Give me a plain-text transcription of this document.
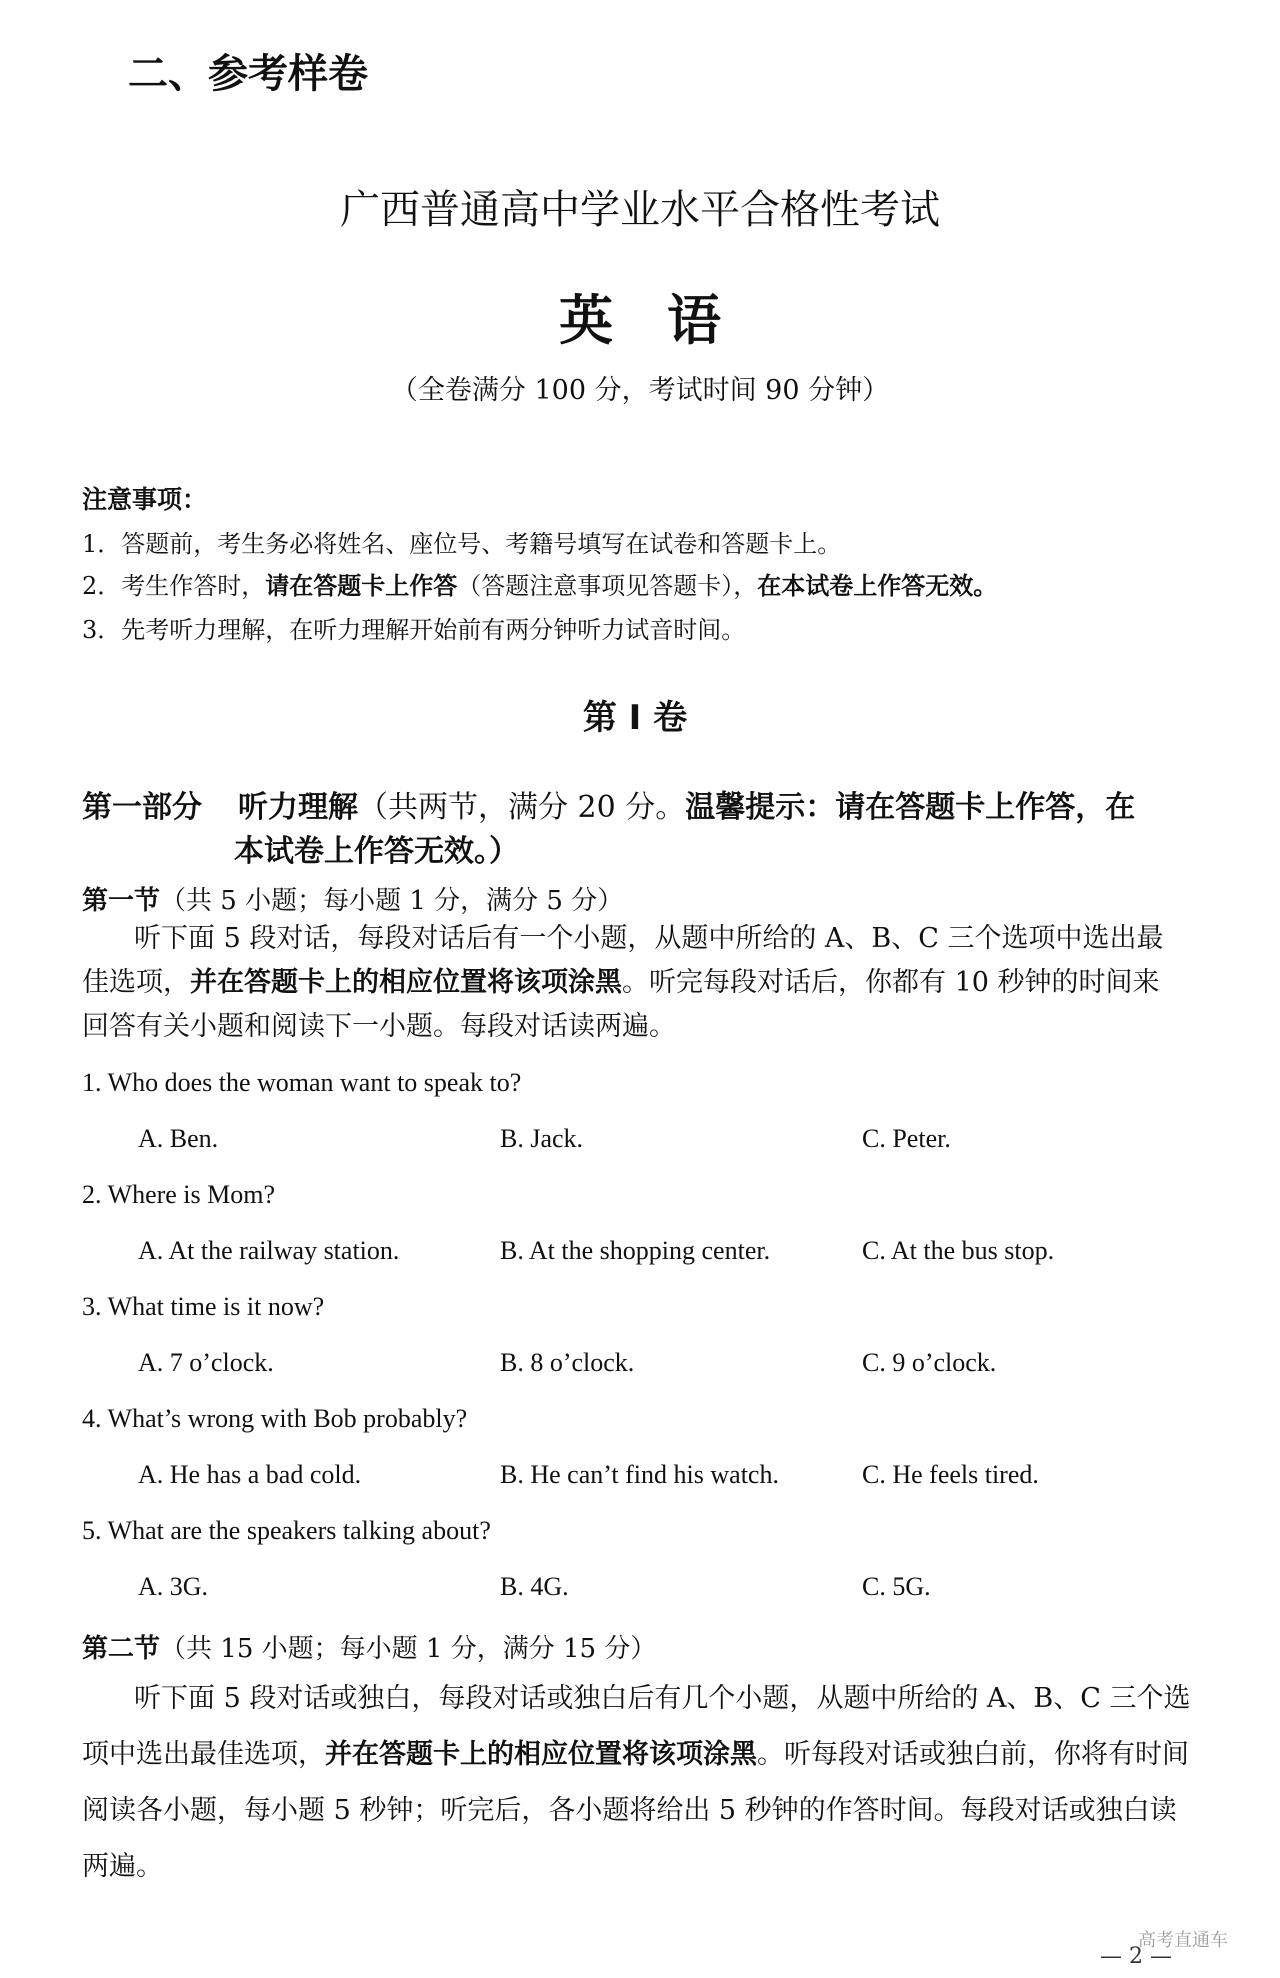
二、参考样卷
广西普通高中学业水平合格性考试
英　语
（全卷满分 100 分，考试时间 90 分钟）
注意事项：
1．答题前，考生务必将姓名、座位号、考籍号填写在试卷和答题卡上。
2．考生作答时，请在答题卡上作答（答题注意事项见答题卡），在本试卷上作答无效。
3．先考听力理解，在听力理解开始前有两分钟听力试音时间。
第 I 卷
第一部分 听力理解（共两节，满分 20 分。温馨提示：请在答题卡上作答，在
本试卷上作答无效。）
第一节（共 5 小题；每小题 1 分，满分 5 分）
听下面 5 段对话，每段对话后有一个小题，从题中所给的 A、B、C 三个选项中选出最
佳选项，并在答题卡上的相应位置将该项涂黑。听完每段对话后，你都有 10 秒钟的时间来
回答有关小题和阅读下一小题。每段对话读两遍。
1. Who does the woman want to speak to?
A. Ben.	B. Jack.	C. Peter.
2. Where is Mom?
A. At the railway station.	B. At the shopping center.	C. At the bus stop.
3. What time is it now?
A. 7 o’clock.	B. 8 o’clock.	C. 9 o’clock.
4. What’s wrong with Bob probably?
A. He has a bad cold.	B. He can’t find his watch.	C. He feels tired.
5. What are the speakers talking about?
A. 3G.	B. 4G.	C. 5G.
第二节（共 15 小题；每小题 1 分，满分 15 分）
听下面 5 段对话或独白，每段对话或独白后有几个小题，从题中所给的 A、B、C 三个选
项中选出最佳选项，并在答题卡上的相应位置将该项涂黑。听每段对话或独白前，你将有时间
阅读各小题，每小题 5 秒钟；听完后，各小题将给出 5 秒钟的作答时间。每段对话或独白读
两遍。
— 2 —
高考直通车
